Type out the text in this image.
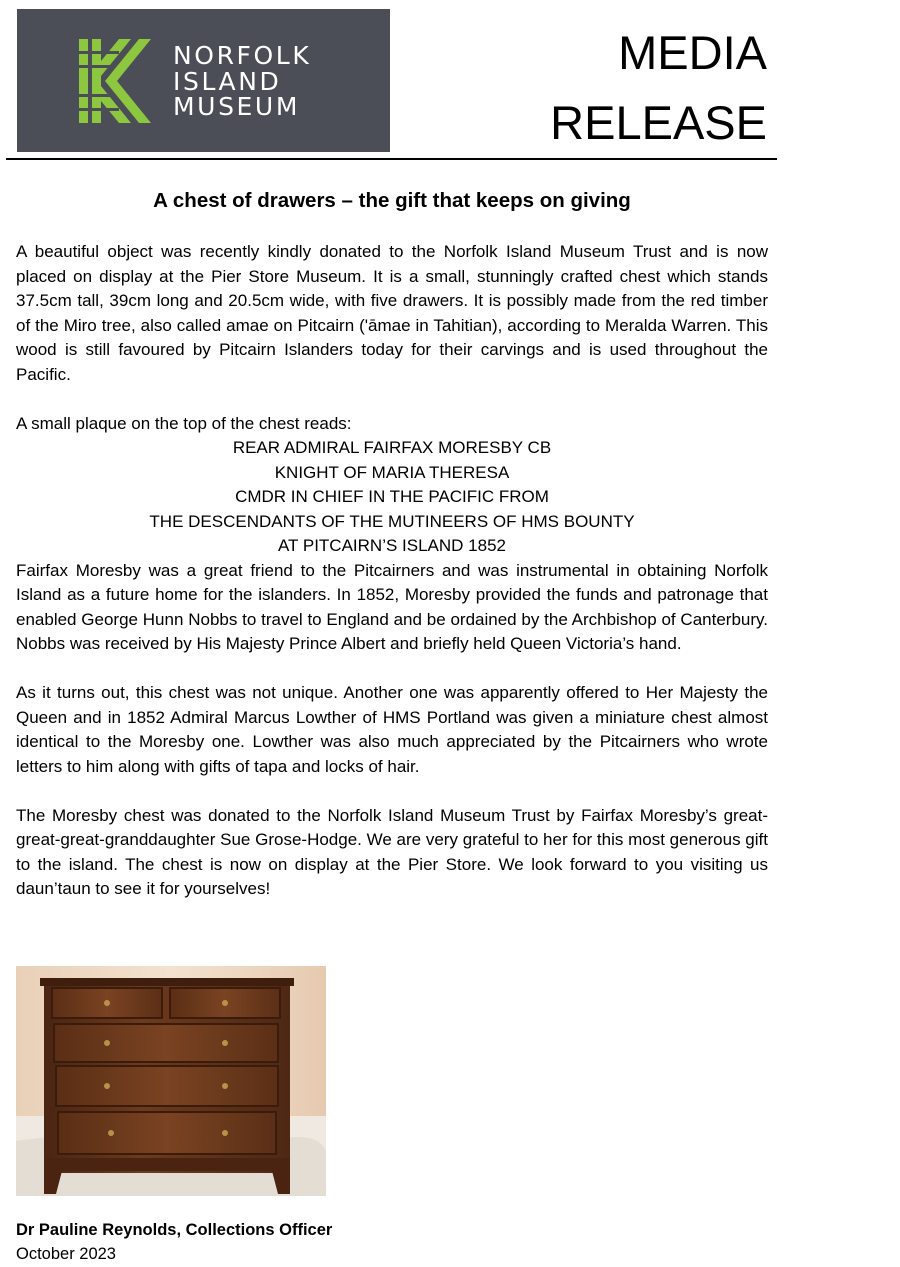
NORFOLK
ISLAND
MUSEUM
MEDIA
RELEASE
A chest of drawers – the gift that keeps on giving

A beautiful object was recently kindly donated to the Norfolk Island Museum Trust and is now placed on display at the Pier Store Museum. It is a small, stunningly crafted chest which stands 37.5cm tall, 39cm long and 20.5cm wide, with five drawers. It is possibly made from the red timber of the Miro tree, also called amae on Pitcairn ('āmae in Tahitian), according to Meralda Warren. This wood is still favoured by Pitcairn Islanders today for their carvings and is used throughout the Pacific.

A small plaque on the top of the chest reads:

REAR ADMIRAL FAIRFAX MORESBY CB
KNIGHT OF MARIA THERESA
CMDR IN CHIEF IN THE PACIFIC FROM
THE DESCENDANTS OF THE MUTINEERS OF HMS BOUNTY
AT PITCAIRN’S ISLAND 1852

Fairfax Moresby was a great friend to the Pitcairners and was instrumental in obtaining Norfolk Island as a future home for the islanders. In 1852, Moresby provided the funds and patronage that enabled George Hunn Nobbs to travel to England and be ordained by the Archbishop of Canterbury. Nobbs was received by His Majesty Prince Albert and briefly held Queen Victoria’s hand.

As it turns out, this chest was not unique. Another one was apparently offered to Her Majesty the Queen and in 1852 Admiral Marcus Lowther of HMS Portland was given a miniature chest almost identical to the Moresby one. Lowther was also much appreciated by the Pitcairners who wrote letters to him along with gifts of tapa and locks of hair.

The Moresby chest was donated to the Norfolk Island Museum Trust by Fairfax Moresby’s great-great-great-granddaughter Sue Grose-Hodge. We are very grateful to her for this most generous gift to the island. The chest is now on display at the Pier Store. We look forward to you visiting us daun’taun to see it for yourselves!

Dr Pauline Reynolds, Collections Officer
October 2023
